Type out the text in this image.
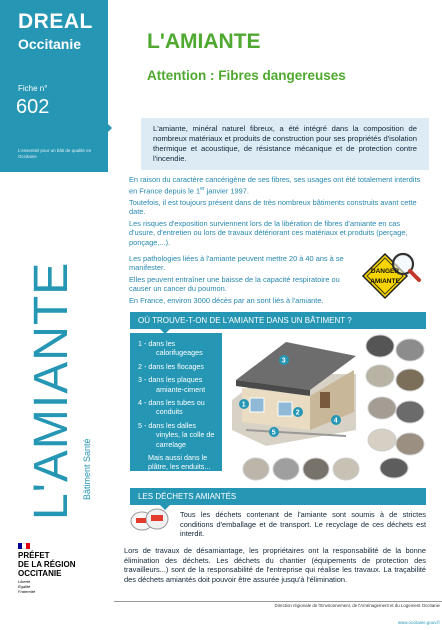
DREAL
Occitanie
Fiche n°
602
L'essentiel pour un bâti de qualité en Occitanie
L'AMIANTE Bâtiment Santé
PRÉFET
DE LA RÉGION
OCCITANIE
Liberté
Égalité
Fraternité
L'AMIANTE
Attention : Fibres dangereuses
L'amiante, minéral naturel fibreux, a été intégré dans la composition de nombreux matériaux et produits de construction pour ses propriétés d'isolation thermique et acoustique, de résistance mécanique et de protection contre l'incendie.

En raison du caractère cancérigène de ses fibres, ses usages ont été totalement interdits en France depuis le 1er janvier 1997.

Toutefois, il est toujours présent dans de très nombreux bâtiments construits avant cette date.

Les risques d'exposition surviennent lors de la libération de fibres d'amiante en cas d'usure, d'entretien ou lors de travaux détériorant ces matériaux et produits (perçage, ponçage,...).

Les pathologies liées à l'amiante peuvent mettre 20 à 40 ans à se manifester.

Elles peuvent entraîner une baisse de la capacité respiratoire ou causer un cancer du poumon.

En France, environ 3000 décès par an sont liés à l'amiante.

DANGER
AMIANTE
OÙ TROUVE-T-ON DE L'AMIANTE DANS UN BÂTIMENT ?
1 - dans les calorifugeages
2 - dans les flocages
3 - dans les plaques amiante-ciment
4 - dans les tubes ou conduits
5 - dans les dalles vinyles, la colle de carrelage
Mais aussi dans le plâtre, les enduits...
3
1
2
4
5
LES DÉCHETS AMIANTÉS
Tous les déchets contenant de l'amiante sont soumis à de strictes conditions d'emballage et de transport. Le recyclage de ces déchets est interdit.
Lors de travaux de désamiantage, les propriétaires ont la responsabilité de la bonne élimination des déchets. Les déchets du chantier (équipements de protection des travailleurs...) sont de la responsabilité de l'entreprise qui réalise les travaux. La traçabilité des déchets amiantés doit pouvoir être assurée jusqu'à l'élimination.
Direction régionale de l'Environnement, de l'Aménagement et du Logement Occitanie
www.occitanie.gouv.fr
